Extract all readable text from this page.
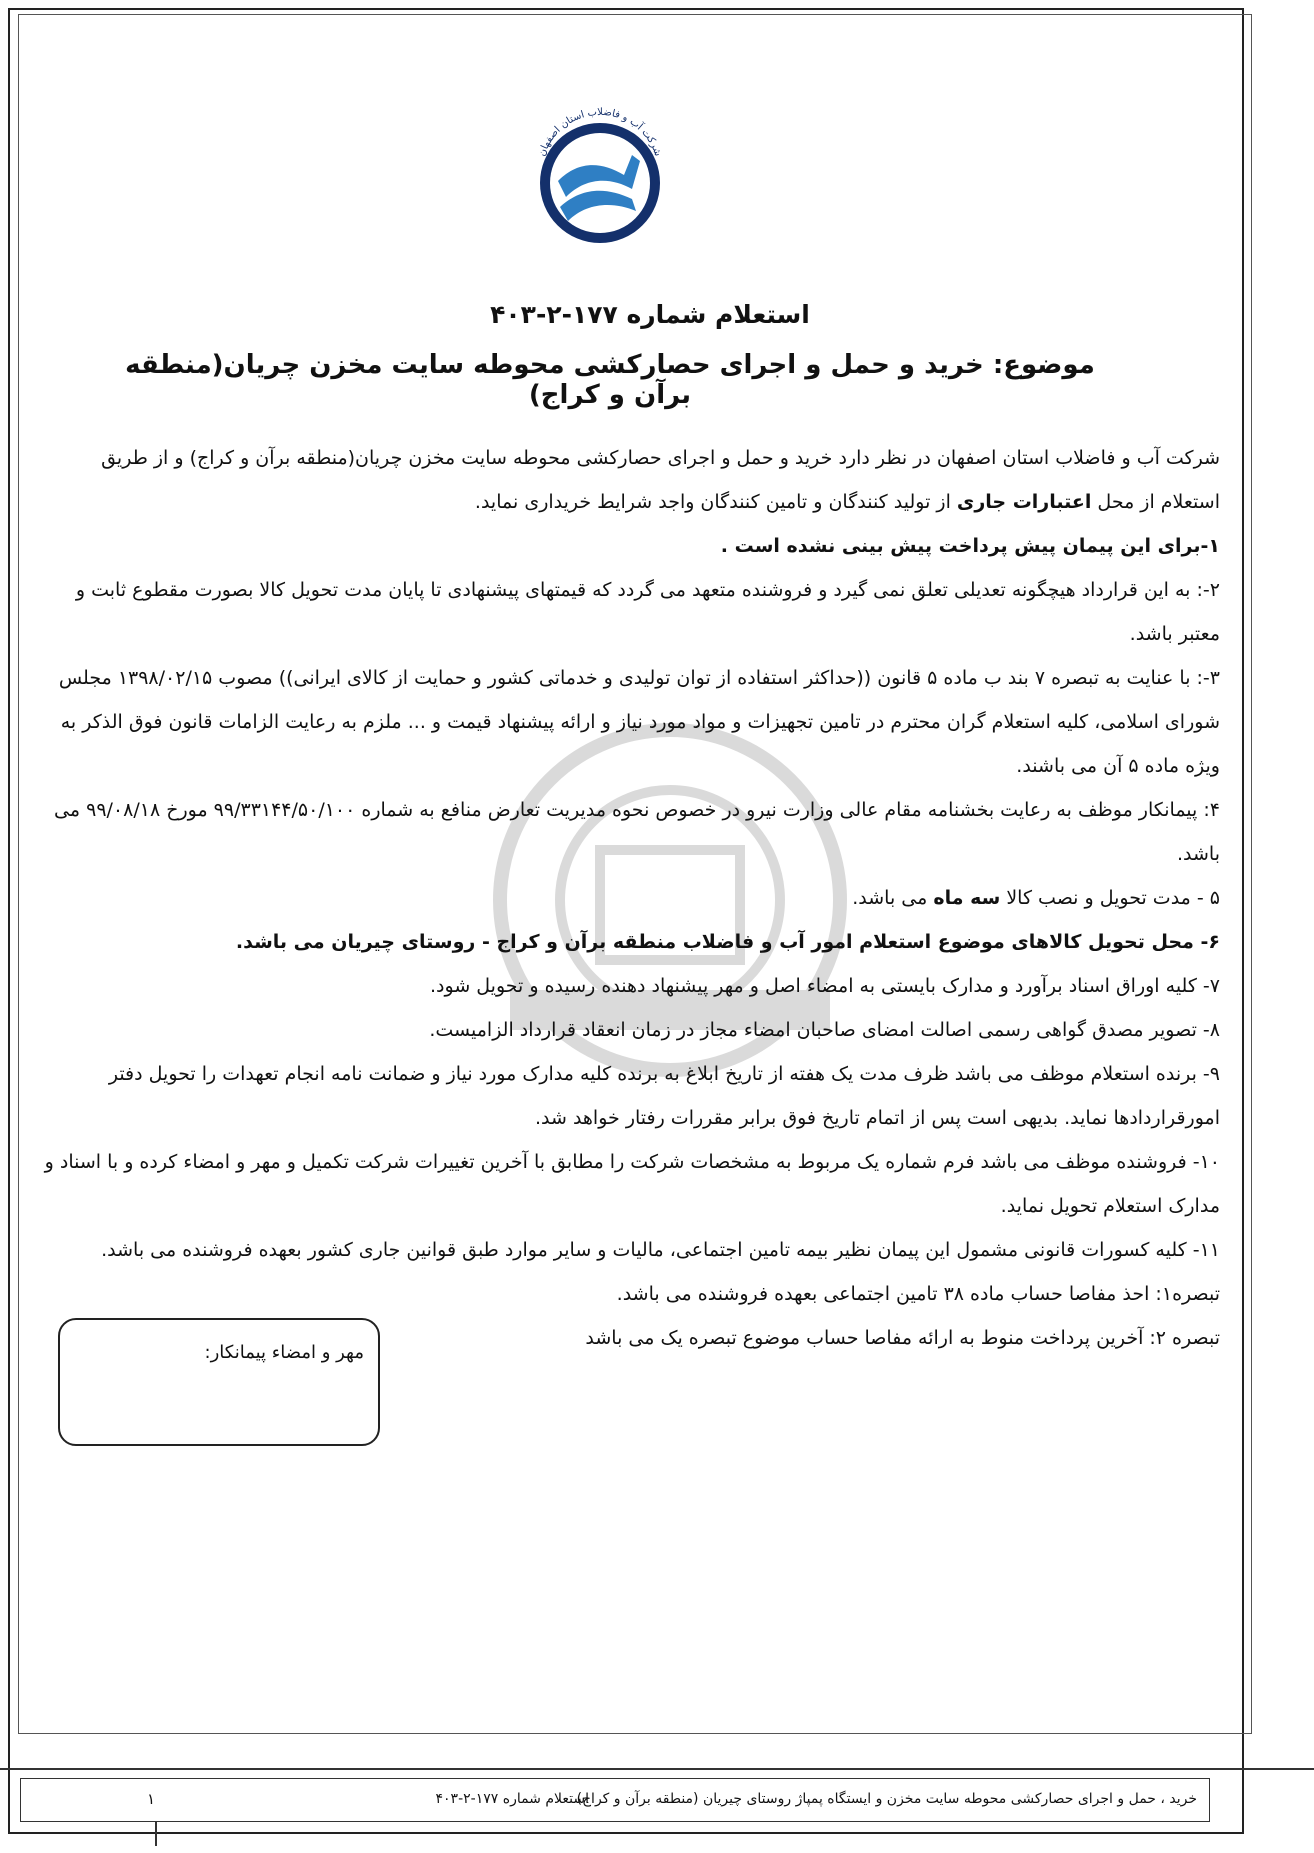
شرکت آب و فاضلاب استان اصفهان
استعلام شماره ۱۷۷-۲-۴۰۳
موضوع: خرید و حمل و اجرای حصارکشی محوطه سایت مخزن چریان(منطقه برآن و کراج)

شرکت آب و فاضلاب استان اصفهان در نظر دارد خرید و حمل و اجرای حصارکشی محوطه سایت مخزن چریان(منطقه برآن و کراج) و از طریق استعلام از محل اعتبارات جاری از تولید کنندگان و تامین کنندگان واجد شرایط خریداری نماید.

۱-برای این پیمان پیش پرداخت پیش بینی نشده است .

۲-: به این قرارداد هیچگونه تعدیلی تعلق نمی گیرد و فروشنده متعهد می گردد که قیمتهای پیشنهادی تا پایان مدت تحویل کالا بصورت مقطوع ثابت و معتبر باشد.

۳-: با عنایت به تبصره ۷ بند ب ماده ۵ قانون ((حداکثر استفاده از توان تولیدی و خدماتی کشور و حمایت از کالای ایرانی)) مصوب ۱۳۹۸/۰۲/۱۵ مجلس شورای اسلامی، کلیه استعلام گران محترم در تامین تجهیزات و مواد مورد نیاز و ارائه پیشنهاد قیمت و ... ملزم به رعایت الزامات قانون فوق الذکر به ویژه ماده ۵ آن می باشند.

۴: پیمانکار موظف به رعایت بخشنامه مقام عالی وزارت نیرو در خصوص نحوه مدیریت تعارض منافع به شماره ۹۹/۳۳۱۴۴/۵۰/۱۰۰ مورخ ۹۹/۰۸/۱۸ می باشد.

۵ - مدت تحویل و نصب کالا سه ماه می باشد.

۶- محل تحویل کالاهای موضوع استعلام امور آب و فاضلاب منطقه برآن و کراج - روستای چیریان می باشد.

۷- کلیه اوراق اسناد برآورد و مدارک بایستی به امضاء اصل و مهر پیشنهاد دهنده رسیده و تحویل شود.

۸- تصویر مصدق گواهی رسمی اصالت امضای صاحبان امضاء مجاز در زمان انعقاد قرارداد الزامیست.

۹- برنده استعلام موظف می باشد ظرف مدت یک هفته از تاریخ ابلاغ به برنده کلیه مدارک مورد نیاز و ضمانت نامه انجام تعهدات را تحویل دفتر امورقراردادها نماید. بدیهی است پس از اتمام تاریخ فوق برابر مقررات رفتار خواهد شد.

۱۰- فروشنده موظف می باشد فرم شماره یک مربوط به مشخصات شرکت را مطابق با آخرین تغییرات شرکت تکمیل و مهر و امضاء کرده و با اسناد و مدارک استعلام تحویل نماید.

۱۱- کلیه کسورات قانونی مشمول این پیمان نظیر بیمه تامین اجتماعی، مالیات و سایر موارد طبق قوانین جاری کشور بعهده فروشنده می باشد.

تبصره۱: احذ مفاصا حساب ماده ۳۸ تامین اجتماعی بعهده فروشنده می باشد.

تبصره ۲: آخرین پرداخت منوط به ارائه مفاصا حساب موضوع تبصره یک می باشد

مهر و امضاء پیمانکار:
خرید ، حمل و اجرای حصارکشی محوطه سایت مخزن و ایستگاه پمپاژ روستای چیریان (منطقه برآن و کراج)
استعلام شماره ۱۷۷-۲-۴۰۳
۱
